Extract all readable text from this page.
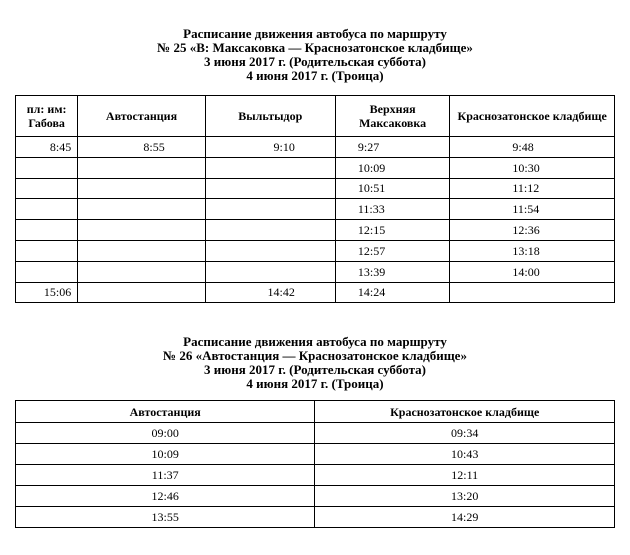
Расписание движения автобуса по маршруту
№ 25 «В: Максаковка — Краснозатонское кладбище»
3 июня 2017 г. (Родительская суббота)
4 июня 2017 г. (Троица)
пл: им: Габова	Автостанция	Выльтыдор	Верхняя Максаковка	Краснозатонское кладбище
8:45	8:55	9:10	9:27	9:48
			10:09	10:30
			10:51	11:12
			11:33	11:54
			12:15	12:36
			12:57	13:18
			13:39	14:00
15:06		14:42	14:24	
Расписание движения автобуса по маршруту
№ 26 «Автостанция — Краснозатонское кладбище»
3 июня 2017 г. (Родительская суббота)
4 июня 2017 г. (Троица)
Автостанция	Краснозатонское кладбище
09:00	09:34
10:09	10:43
11:37	12:11
12:46	13:20
13:55	14:29
